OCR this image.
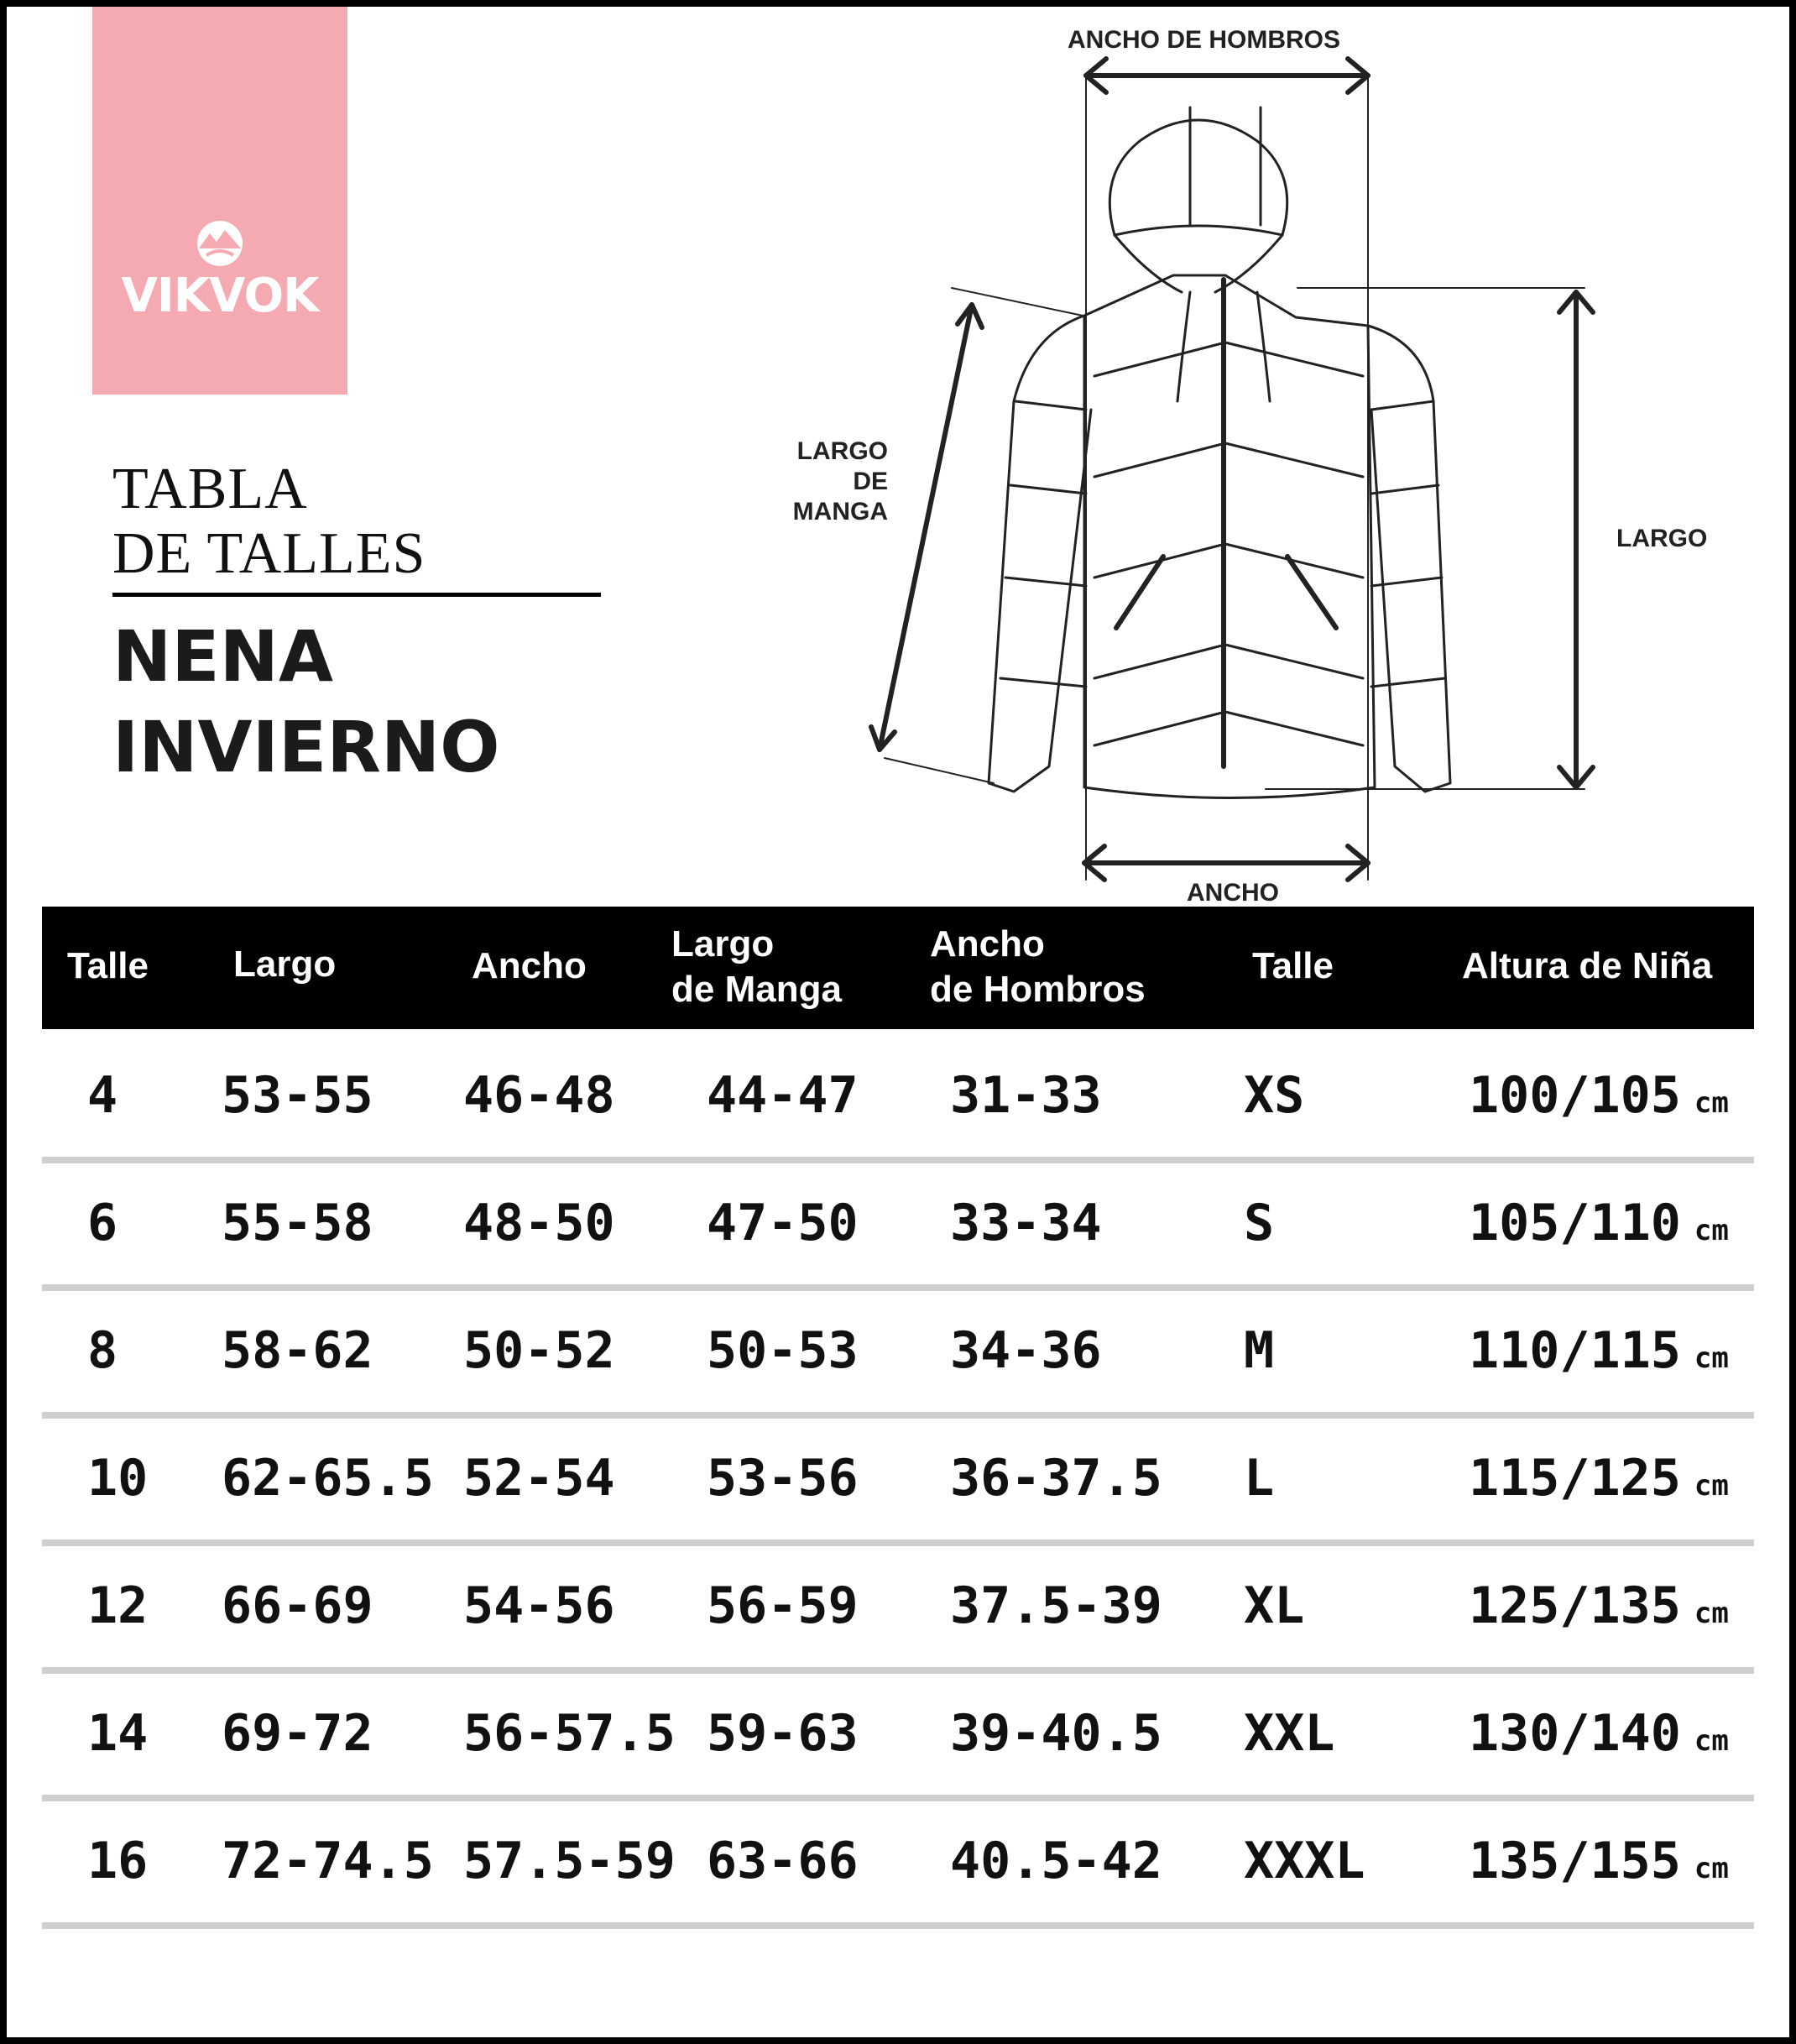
VIKVOK
TABLA
DE TALLES
NENA
INVIERNO
ANCHO DE HOMBROS
LARGO
DE
MANGA
LARGO
ANCHO
Talle Largo	Ancho
Largo
de Manga
Ancho
de Hombros
Talle	Altura de Niña
4 53-55 46-48 44-47 31-33	XS	100/105 cm
6 55-58 48-50 47-50 33-34	S	105/110 cm
8 58-62 50-52 50-53 34-36	M	110/115 cm
10 62-65.5 52-54 53-56 36-37.5 L	115/125 cm
12 66-69 54-56 56-59 37.5-39 XL	125/135 cm
14 69-72 56-57.5 59-63 39-40.5 XXL	130/140 cm
16 72-74.5 57.5-59 63-66 40.5-42 XXXL 135/155 cm
